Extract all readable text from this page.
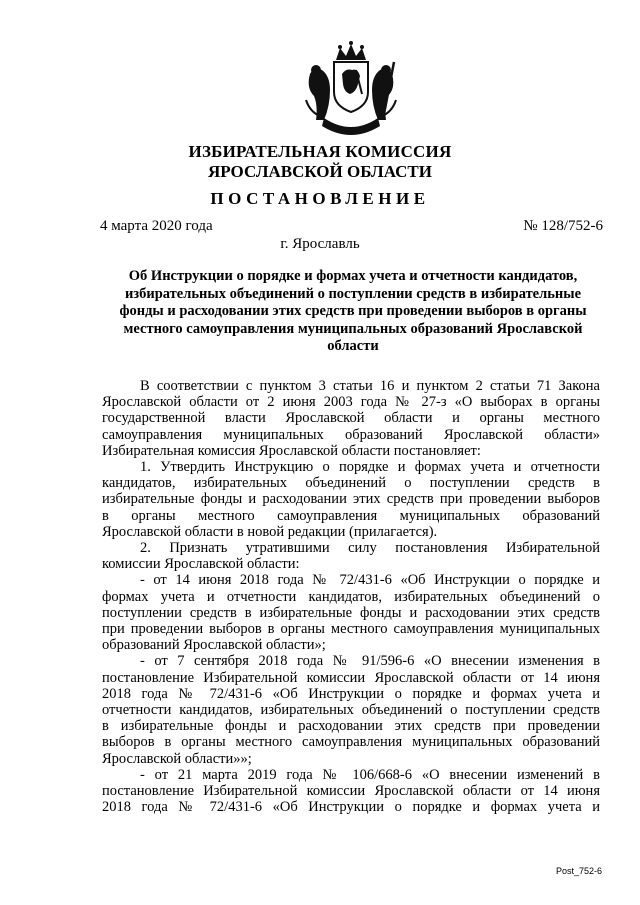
ИЗБИРАТЕЛЬНАЯ КОМИССИЯ
ЯРОСЛАВСКОЙ ОБЛАСТИ
ПОСТАНОВЛЕНИЕ
4 марта 2020 года	№ 128/752-6
г. Ярославль
Об Инструкции о порядке и формах учета и отчетности кандидатов,
избирательных объединений о поступлении средств в избирательные
фонды и расходовании этих средств при проведении выборов в органы
местного самоуправления муниципальных образований Ярославской
области
В соответствии с пунктом 3 статьи 16 и пунктом 2 статьи 71 Закона
Ярославской области от 2 июня 2003 года № 27-з «О выборах в органы
государственной власти Ярославской области и органы местного
самоуправления муниципальных образований Ярославской области»
Избирательная комиссия Ярославской области постановляет:
1. Утвердить Инструкцию о порядке и формах учета и отчетности
кандидатов, избирательных объединений о поступлении средств в
избирательные фонды и расходовании этих средств при проведении выборов
в органы местного самоуправления муниципальных образований
Ярославской области в новой редакции (прилагается).
2. Признать утратившими силу постановления Избирательной
комиссии Ярославской области:
- от 14 июня 2018 года № 72/431-6 «Об Инструкции о порядке и
формах учета и отчетности кандидатов, избирательных объединений о
поступлении средств в избирательные фонды и расходовании этих средств
при проведении выборов в органы местного самоуправления муниципальных
образований Ярославской области»;
- от 7 сентября 2018 года № 91/596-6 «О внесении изменения в
постановление Избирательной комиссии Ярославской области от 14 июня
2018 года № 72/431-6 «Об Инструкции о порядке и формах учета и
отчетности кандидатов, избирательных объединений о поступлении средств
в избирательные фонды и расходовании этих средств при проведении
выборов в органы местного самоуправления муниципальных образований
Ярославской области»»;
- от 21 марта 2019 года № 106/668-6 «О внесении изменений в
постановление Избирательной комиссии Ярославской области от 14 июня
2018 года № 72/431-6 «Об Инструкции о порядке и формах учета и
Post_752-6
